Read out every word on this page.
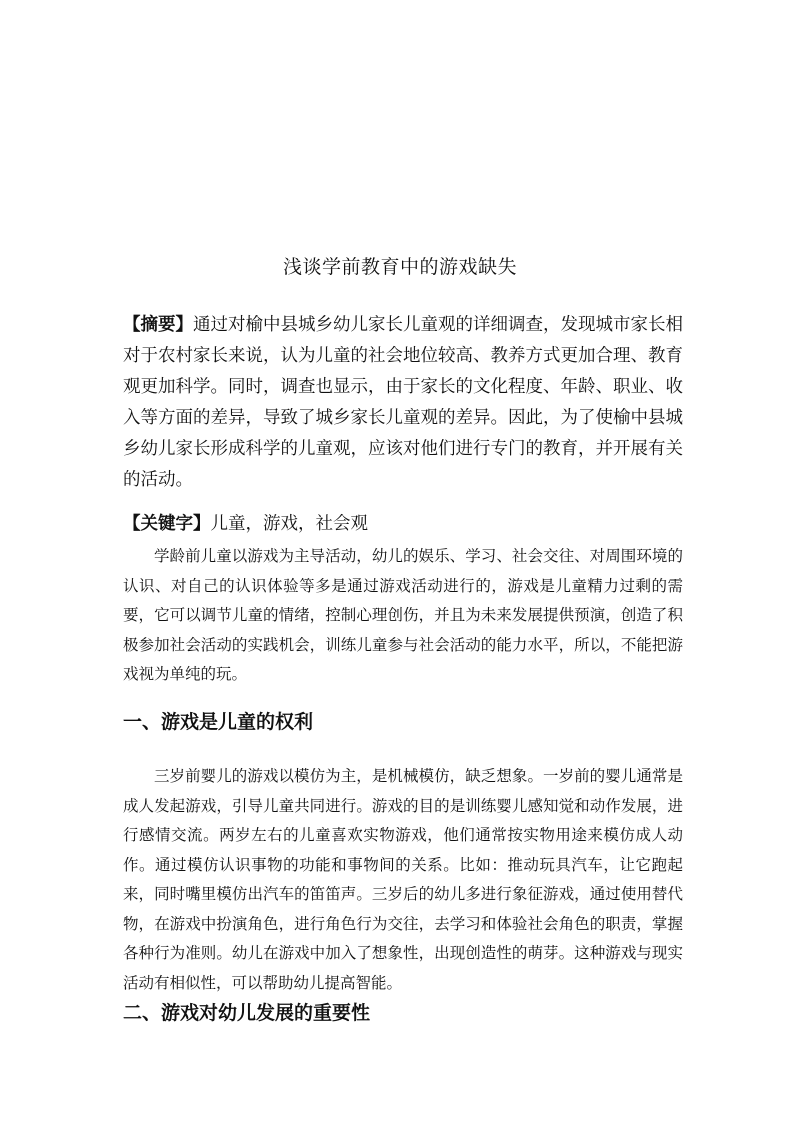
浅谈学前教育中的游戏缺失

【摘要】通过对榆中县城乡幼儿家长儿童观的详细调查，发现城市家长相对于农村家长来说，认为儿童的社会地位较高、教养方式更加合理、教育观更加科学。同时，调查也显示，由于家长的文化程度、年龄、职业、收入等方面的差异，导致了城乡家长儿童观的差异。因此，为了使榆中县城乡幼儿家长形成科学的儿童观，应该对他们进行专门的教育，并开展有关的活动。

【关键字】儿童，游戏，社会观

学龄前儿童以游戏为主导活动，幼儿的娱乐、学习、社会交往、对周围环境的认识、对自己的认识体验等多是通过游戏活动进行的，游戏是儿童精力过剩的需要，它可以调节儿童的情绪，控制心理创伤，并且为未来发展提供预演，创造了积极参加社会活动的实践机会，训练儿童参与社会活动的能力水平，所以，不能把游戏视为单纯的玩。

一、游戏是儿童的权利

三岁前婴儿的游戏以模仿为主，是机械模仿，缺乏想象。一岁前的婴儿通常是成人发起游戏，引导儿童共同进行。游戏的目的是训练婴儿感知觉和动作发展，进行感情交流。两岁左右的儿童喜欢实物游戏，他们通常按实物用途来模仿成人动作。通过模仿认识事物的功能和事物间的关系。比如：推动玩具汽车，让它跑起来，同时嘴里模仿出汽车的笛笛声。三岁后的幼儿多进行象征游戏，通过使用替代物，在游戏中扮演角色，进行角色行为交往，去学习和体验社会角色的职责，掌握各种行为准则。幼儿在游戏中加入了想象性，出现创造性的萌芽。这种游戏与现实活动有相似性，可以帮助幼儿提高智能。

二、游戏对幼儿发展的重要性
